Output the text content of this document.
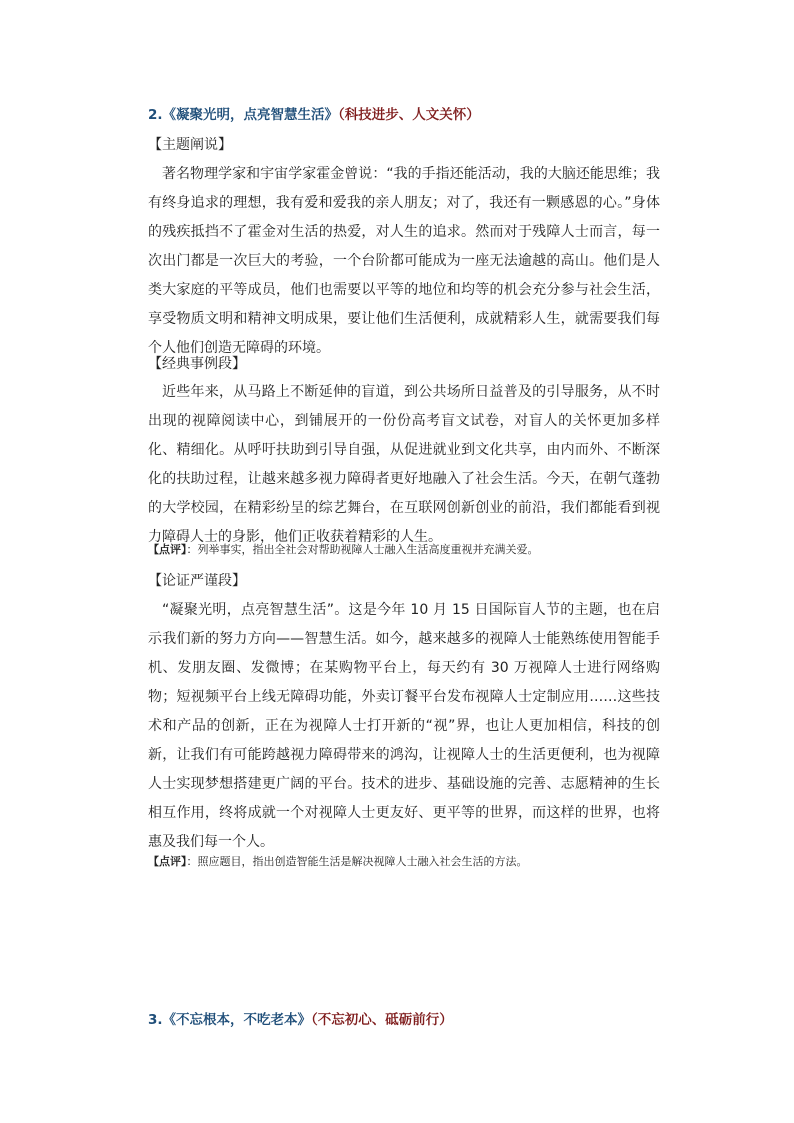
2.《凝聚光明，点亮智慧生活》（科技进步、人文关怀）
【主题阐说】
著名物理学家和宇宙学家霍金曾说：“我的手指还能活动，我的大脑还能思维；我有终身追求的理想，我有爱和爱我的亲人朋友；对了，我还有一颗感恩的心。”身体的残疾抵挡不了霍金对生活的热爱，对人生的追求。然而对于残障人士而言，每一次出门都是一次巨大的考验，一个台阶都可能成为一座无法逾越的高山。他们是人类大家庭的平等成员，他们也需要以平等的地位和均等的机会充分参与社会生活，享受物质文明和精神文明成果，要让他们生活便利，成就精彩人生，就需要我们每个人他们创造无障碍的环境。
【经典事例段】
近些年来，从马路上不断延伸的盲道，到公共场所日益普及的引导服务，从不时出现的视障阅读中心，到铺展开的一份份高考盲文试卷，对盲人的关怀更加多样化、精细化。从呼吁扶助到引导自强，从促进就业到文化共享，由内而外、不断深化的扶助过程，让越来越多视力障碍者更好地融入了社会生活。今天，在朝气蓬勃的大学校园，在精彩纷呈的综艺舞台，在互联网创新创业的前沿，我们都能看到视力障碍人士的身影，他们正收获着精彩的人生。
【点评】：列举事实，指出全社会对帮助视障人士融入生活高度重视并充满关爱。
【论证严谨段】
“凝聚光明，点亮智慧生活”。这是今年 10 月 15 日国际盲人节的主题，也在启示我们新的努力方向——智慧生活。如今，越来越多的视障人士能熟练使用智能手机、发朋友圈、发微博；在某购物平台上，每天约有 30 万视障人士进行网络购物；短视频平台上线无障碍功能，外卖订餐平台发布视障人士定制应用……这些技术和产品的创新，正在为视障人士打开新的“视”界，也让人更加相信，科技的创新，让我们有可能跨越视力障碍带来的鸿沟，让视障人士的生活更便利，也为视障人士实现梦想搭建更广阔的平台。技术的进步、基础设施的完善、志愿精神的生长相互作用，终将成就一个对视障人士更友好、更平等的世界，而这样的世界，也将惠及我们每一个人。
【点评】：照应题目，指出创造智能生活是解决视障人士融入社会生活的方法。
3.《不忘根本，不吃老本》（不忘初心、砥砺前行）
